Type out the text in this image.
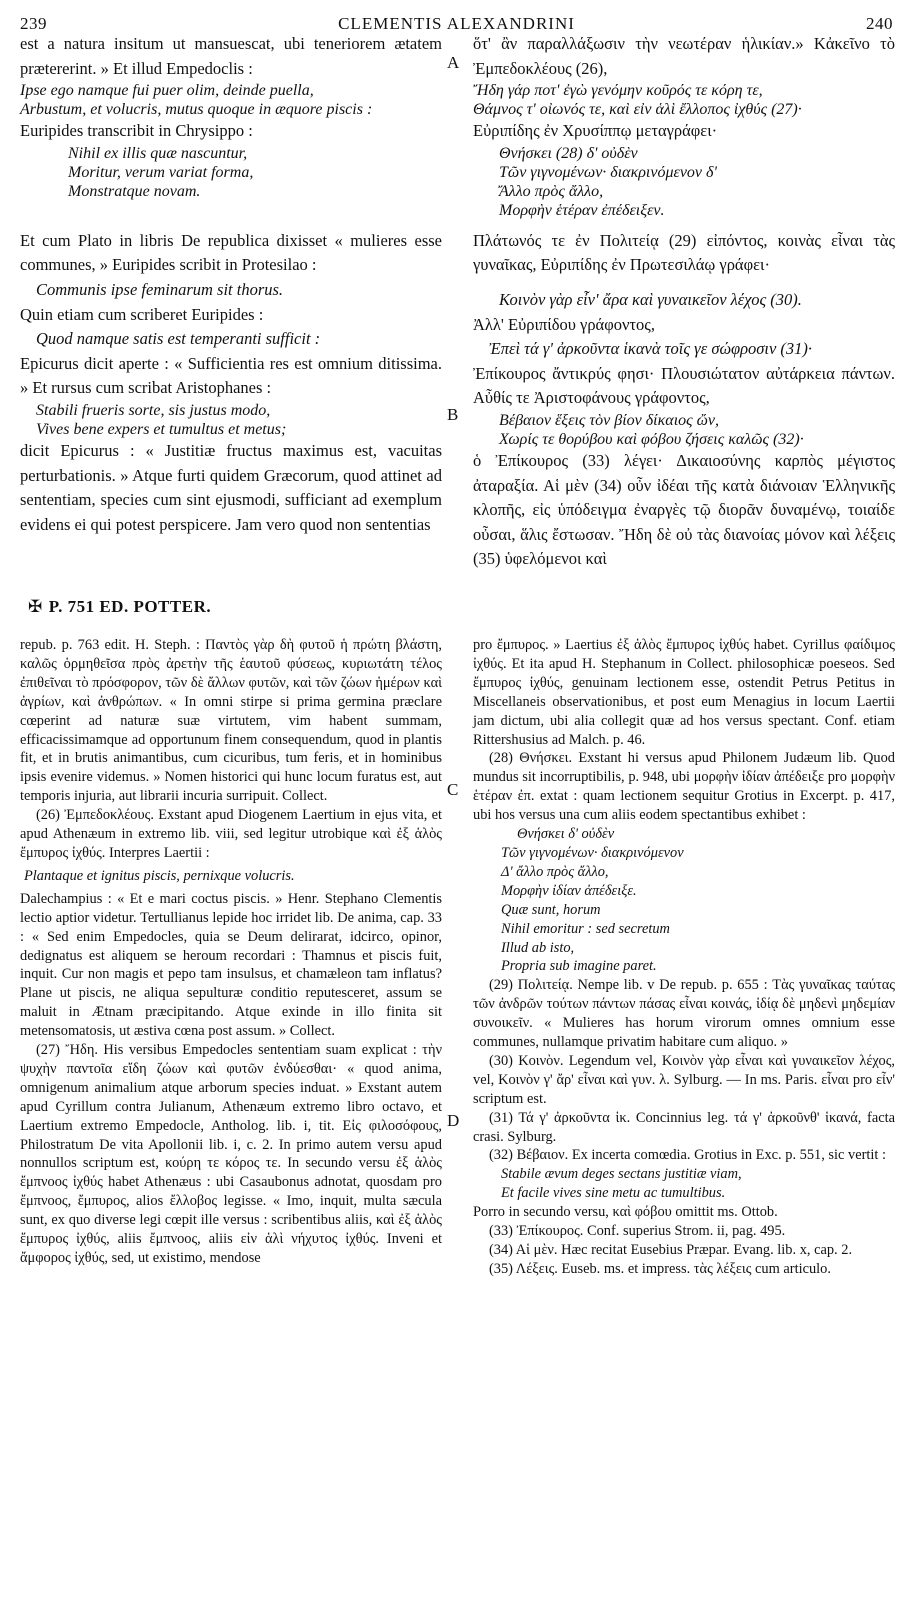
239	CLEMENTIS ALEXANDRINI	240

est a natura insitum ut mansuescat, ubi teneriorem ætatem prætererint. » Et illud Empedoclis :

Ipse ego namque fui puer olim, deinde puella,

Arbustum, et volucris, mutus quoque in æquore piscis :

Euripides transcribit in Chrysippo :

Nihil ex illis quæ nascuntur,

Moritur, verum variat forma,

Monstratque novam.

Et cum Plato in libris De republica dixisset « mulieres esse communes, » Euripides scribit in Protesilao :

Communis ipse feminarum sit thorus.

Quin etiam cum scriberet Euripides :

Quod namque satis est temperanti sufficit :

Epicurus dicit aperte : « Sufficientia res est omnium ditissima. » Et rursus cum scribat Aristophanes :

Stabili frueris sorte, sis justus modo,

Vives bene expers et tumultus et metus;

dicit Epicurus : « Justitiæ fructus maximus est, vacuitas perturbationis. » Atque furti quidem Græcorum, quod attinet ad sententiam, species cum sint ejusmodi, sufficiant ad exemplum evidens ei qui potest perspicere. Jam vero quod non sententias

ὅτ' ἂν παραλλάξωσιν τὴν νεωτέραν ἡλικίαν.» Κἀκεῖνο τὸ Ἐμπεδοκλέους (26),

Ἤδη γάρ ποτ' ἐγὼ γενόμην κοῦρός τε κόρη τε,

Θάμνος τ' οἰωνός τε, καὶ εἰν ἁλὶ ἔλλοπος ἰχθύς (27)·

Εὐριπίδης ἐν Χρυσίππῳ μεταγράφει·

Θνήσκει (28) δ' οὐδὲν

Τῶν γιγνομένων· διακρινόμενον δ'

Ἄλλο πρὸς ἄλλο,

Μορφὴν ἑτέραν ἐπέδειξεν.

Πλάτωνός τε ἐν Πολιτείᾳ (29) εἰπόντος, κοινὰς εἶναι τὰς γυναῖκας, Εὐριπίδης ἐν Πρωτεσιλάῳ γράφει·

Κοινὸν γὰρ εἶν' ἄρα καὶ γυναικεῖον λέχος (30).

Ἀλλ' Εὐριπίδου γράφοντος,

Ἐπεὶ τά γ' ἀρκοῦντα ἱκανὰ τοῖς γε σώφροσιν (31)·

Ἐπίκουρος ἄντικρύς φησι· Πλουσιώτατον αὐτάρκεια πάντων. Αὖθίς τε Ἀριστοφάνους γράφοντος,

Βέβαιον ἕξεις τὸν βίον δίκαιος ὤν,

Χωρίς τε θορύβου καὶ φόβου ζήσεις καλῶς (32)·

ὁ Ἐπίκουρος (33) λέγει· Δικαιοσύνης καρπὸς μέγιστος ἀταραξία. Αἱ μὲν (34) οὖν ἰδέαι τῆς κατὰ διάνοιαν Ἑλληνικῆς κλοπῆς, εἰς ὑπόδειγμα ἐναργὲς τῷ διορᾶν δυναμένῳ, τοιαίδε οὖσαι, ἅλις ἔστωσαν. Ἤδη δὲ οὐ τὰς διανοίας μόνον καὶ λέξεις (35) ὑφελόμενοι καὶ

✠ P. 751 ED. POTTER.
A
B
C
D

repub. p. 763 edit. H. Steph. : Παντὸς γὰρ δὴ φυτοῦ ἡ πρώτη βλάστη, καλῶς ὁρμηθεῖσα πρὸς ἀρετὴν τῆς ἑαυτοῦ φύσεως, κυριωτάτη τέλος ἐπιθεῖναι τὸ πρόσφορον, τῶν δὲ ἄλλων φυτῶν, καὶ τῶν ζώων ἡμέρων καὶ ἀγρίων, καὶ ἀνθρώπων. « In omni stirpe si prima germina præclare cœperint ad naturæ suæ virtutem, vim habent summam, efficacissimamque ad opportunum finem consequendum, quod in plantis fit, et in brutis animantibus, cum cicuribus, tum feris, et in hominibus ipsis evenire videmus. » Nomen historici qui hunc locum furatus est, aut temporis injuria, aut librarii incuria surripuit. Collect.

(26) Ἐμπεδοκλέους. Exstant apud Diogenem Laertium in ejus vita, et apud Athenæum in extremo lib. viii, sed legitur utrobique καὶ ἐξ ἁλὸς ἔμπυρος ἰχθύς. Interpres Laertii :

Plantaque et ignitus piscis, pernixque volucris.

Dalechampius : « Et e mari coctus piscis. » Henr. Stephano Clementis lectio aptior videtur. Tertullianus lepide hoc irridet lib. De anima, cap. 33 : « Sed enim Empedocles, quia se Deum delirarat, idcirco, opinor, dedignatus est aliquem se heroum recordari : Thamnus et piscis fuit, inquit. Cur non magis et pepo tam insulsus, et chamæleon tam inflatus? Plane ut piscis, ne aliqua sepulturæ conditio reputesceret, assum se maluit in Ætnam præcipitando. Atque exinde in illo finita sit metensomatosis, ut æstiva cœna post assum. » Collect.

(27) Ἤδη. His versibus Empedocles sententiam suam explicat : τὴν ψυχὴν παντοῖα εἴδη ζώων καὶ φυτῶν ἐνδύεσθαι· « quod anima, omnigenum animalium atque arborum species induat. » Exstant autem apud Cyrillum contra Julianum, Athenæum extremo libro octavo, et Laertium extremo Empedocle, Antholog. lib. i, tit. Εἰς φιλοσόφους, Philostratum De vita Apollonii lib. i, c. 2. In primo autem versu apud nonnullos scriptum est, κούρη τε κόρος τε. In secundo versu ἐξ ἁλὸς ἔμπνοος ἰχθύς habet Athenæus : ubi Casaubonus adnotat, quosdam pro ἔμπνοος, ἔμπυρος, alios ἔλλοβος legisse. « Imo, inquit, multa sæcula sunt, ex quo diverse legi cœpit ille versus : scribentibus aliis, καὶ ἐξ ἁλὸς ἔμπυρος ἰχθύς, aliis ἔμπνοος, aliis εἰν ἁλὶ νήχυτος ἰχθύς. Inveni et ἄμφορος ἰχθύς, sed, ut existimo, mendose

pro ἔμπυρος. » Laertius ἐξ ἁλὸς ἔμπυρος ἰχθύς habet. Cyrillus φαίδιμος ἰχθύς. Et ita apud H. Stephanum in Collect. philosophicæ poeseos. Sed ἔμπυρος ἰχθύς, genuinam lectionem esse, ostendit Petrus Petitus in Miscellaneis observationibus, et post eum Menagius in locum Laertii jam dictum, ubi alia collegit quæ ad hos versus spectant. Conf. etiam Rittershusius ad Malch. p. 46.

(28) Θνήσκει. Exstant hi versus apud Philonem Judæum lib. Quod mundus sit incorruptibilis, p. 948, ubi μορφὴν ἰδίαν ἀπέδειξε pro μορφὴν ἑτέραν ἐπ. extat : quam lectionem sequitur Grotius in Excerpt. p. 417, ubi hos versus una cum aliis eodem spectantibus exhibet :

Θνήσκει δ' οὐδὲν

Τῶν γιγνομένων· διακρινόμενον

Δ' ἄλλο πρὸς ἄλλο,

Μορφὴν ἰδίαν ἀπέδειξε.

Quæ sunt, horum

Nihil emoritur : sed secretum

Illud ab isto,

Propria sub imagine paret.

(29) Πολιτείᾳ. Nempe lib. v De repub. p. 655 : Τὰς γυναῖκας ταύτας τῶν ἀνδρῶν τούτων πάντων πάσας εἶναι κοινάς, ἰδίᾳ δὲ μηδενὶ μηδεμίαν συνοικεῖν. « Mulieres has horum virorum omnes omnium esse communes, nullamque privatim habitare cum aliquo. »

(30) Κοινὸν. Legendum vel, Κοινὸν γὰρ εἶναι καὶ γυναικεῖον λέχος, vel, Κοινὸν γ' ἄρ' εἶναι καὶ γυν. λ. Sylburg. — In ms. Paris. εἶναι pro εἶν' scriptum est.

(31) Τά γ' ἀρκοῦντα ἱκ. Concinnius leg. τά γ' ἀρκοῦνθ' ἱκανά, facta crasi. Sylburg.

(32) Βέβαιον. Ex incerta comœdia. Grotius in Exc. p. 551, sic vertit :

Stabile ævum deges sectans justitiæ viam,

Et facile vives sine metu ac tumultibus.

Porro in secundo versu, καὶ φόβου omittit ms. Ottob.

(33) Ἐπίκουρος. Conf. superius Strom. ii, pag. 495.

(34) Αἱ μὲν. Hæc recitat Eusebius Præpar. Evang. lib. x, cap. 2.

(35) Λέξεις. Euseb. ms. et impress. τὰς λέξεις cum articulo.
